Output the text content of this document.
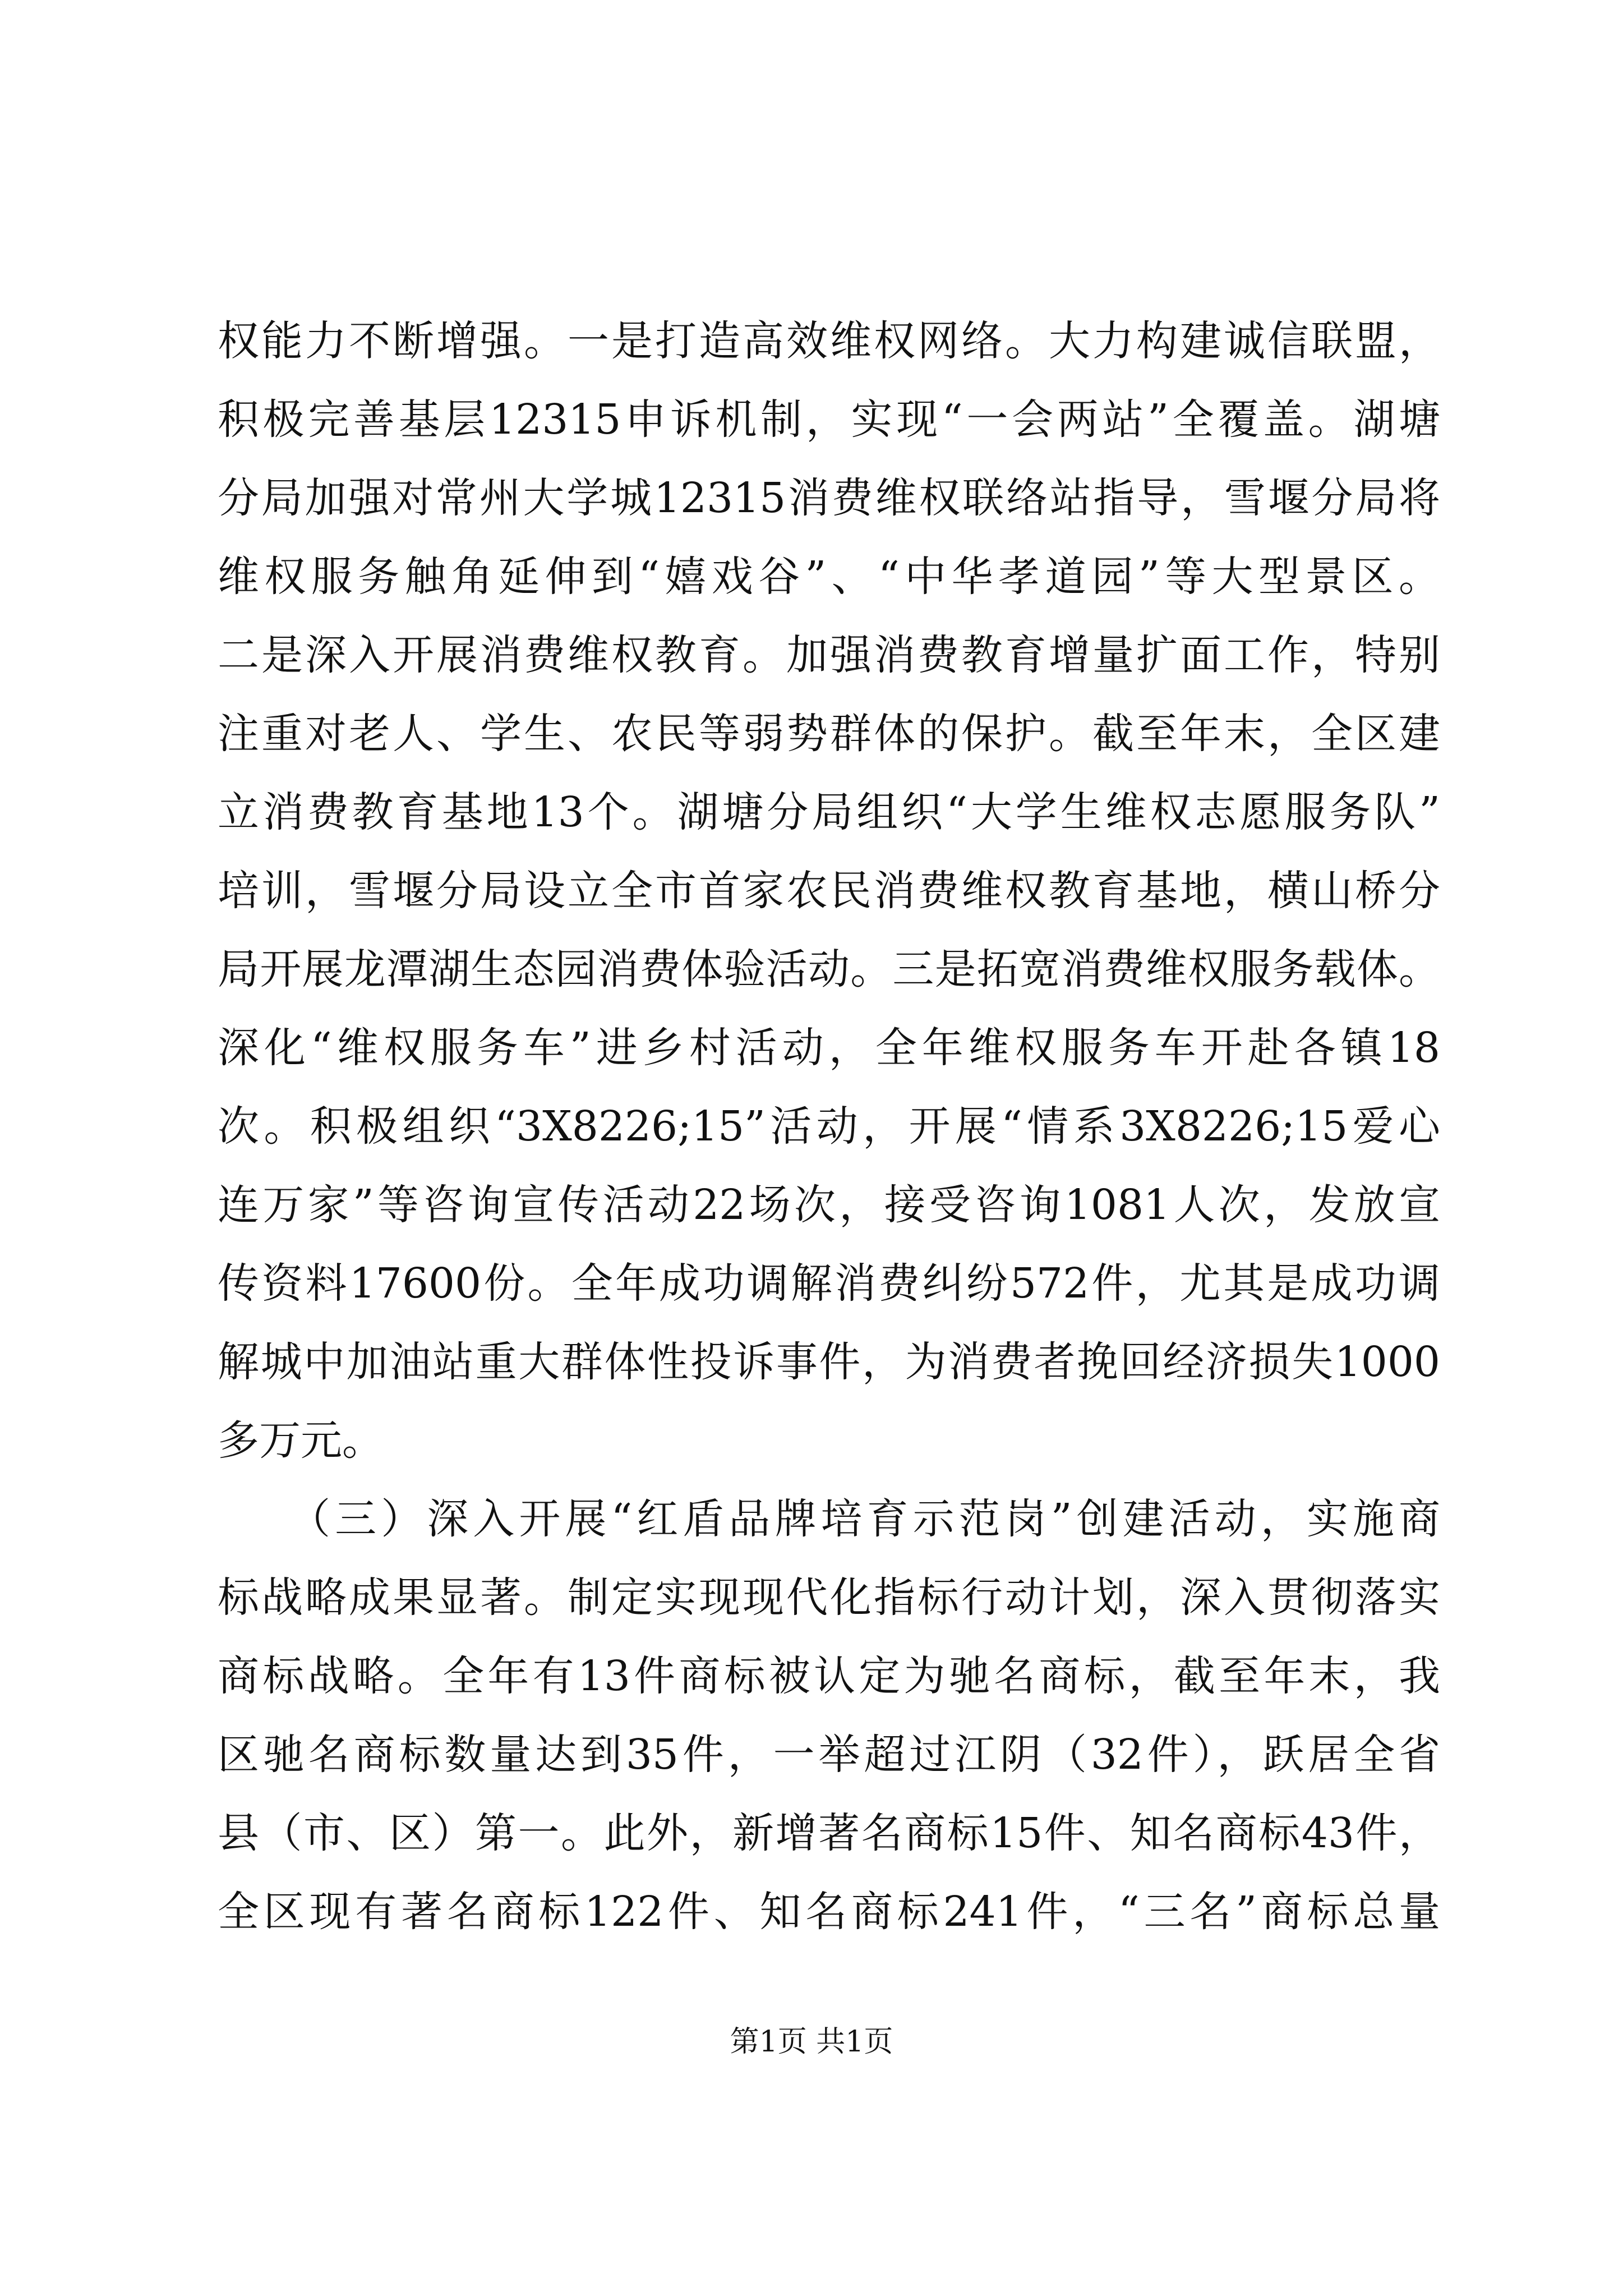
权能力不断增强。一是打造高效维权网络。大力构建诚信联盟，
积极完善基层12315申诉机制，实现“一会两站”全覆盖。湖塘
分局加强对常州大学城12315消费维权联络站指导，雪堰分局将
维权服务触角延伸到“嬉戏谷”、“中华孝道园”等大型景区。
二是深入开展消费维权教育。加强消费教育增量扩面工作，特别
注重对老人、学生、农民等弱势群体的保护。截至年末，全区建
立消费教育基地13个。湖塘分局组织“大学生维权志愿服务队”
培训，雪堰分局设立全市首家农民消费维权教育基地，横山桥分
局开展龙潭湖生态园消费体验活动。三是拓宽消费维权服务载体。
深化“维权服务车”进乡村活动，全年维权服务车开赴各镇18
次。积极组织“3X8226;15”活动，开展“情系3X8226;15爱心
连万家”等咨询宣传活动22场次，接受咨询1081人次，发放宣
传资料17600份。全年成功调解消费纠纷572件，尤其是成功调
解城中加油站重大群体性投诉事件，为消费者挽回经济损失1000
多万元。
　　（三）深入开展“红盾品牌培育示范岗”创建活动，实施商
标战略成果显著。制定实现现代化指标行动计划，深入贯彻落实
商标战略。全年有13件商标被认定为驰名商标，截至年末，我
区驰名商标数量达到35件，一举超过江阴（32件），跃居全省
县（市、区）第一。此外，新增著名商标15件、知名商标43件，
全区现有著名商标122件、知名商标241件，“三名”商标总量
第1页 共1页
